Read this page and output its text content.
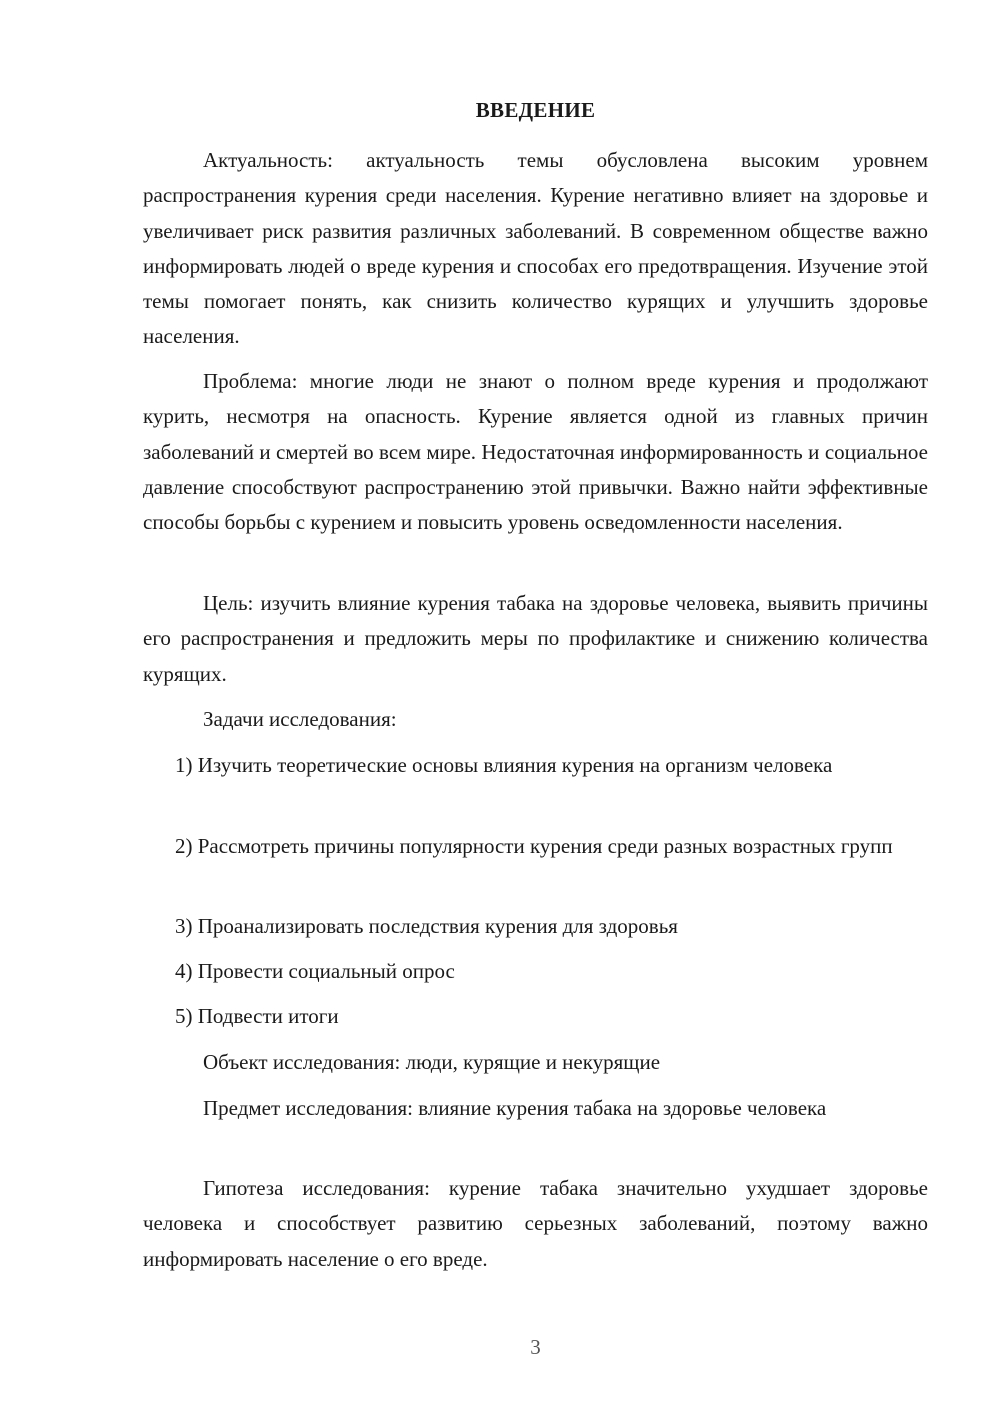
ВВЕДЕНИЕ

Актуальность: актуальность темы обусловлена высоким уровнем распространения курения среди населения. Курение негативно влияет на здоровье и увеличивает риск развития различных заболеваний. В современном обществе важно информировать людей о вреде курения и способах его предотвращения. Изучение этой темы помогает понять, как снизить количество курящих и улучшить здоровье населения.

Проблема: многие люди не знают о полном вреде курения и продолжают курить, несмотря на опасность. Курение является одной из главных причин заболеваний и смертей во всем мире. Недостаточная информированность и социальное давление способствуют распространению этой привычки. Важно найти эффективные способы борьбы с курением и повысить уровень осведомленности населения.

Цель: изучить влияние курения табака на здоровье человека, выявить причины его распространения и предложить меры по профилактике и снижению количества курящих.

Задачи исследования:

1) Изучить теоретические основы влияния курения на организм человека

2) Рассмотреть причины популярности курения среди разных возрастных групп

3) Проанализировать последствия курения для здоровья

4) Провести социальный опрос

5) Подвести итоги

Объект исследования: люди, курящие и некурящие

Предмет исследования: влияние курения табака на здоровье человека

Гипотеза исследования: курение табака значительно ухудшает здоровье человека и способствует развитию серьезных заболеваний, поэтому важно информировать население о его вреде.

3
